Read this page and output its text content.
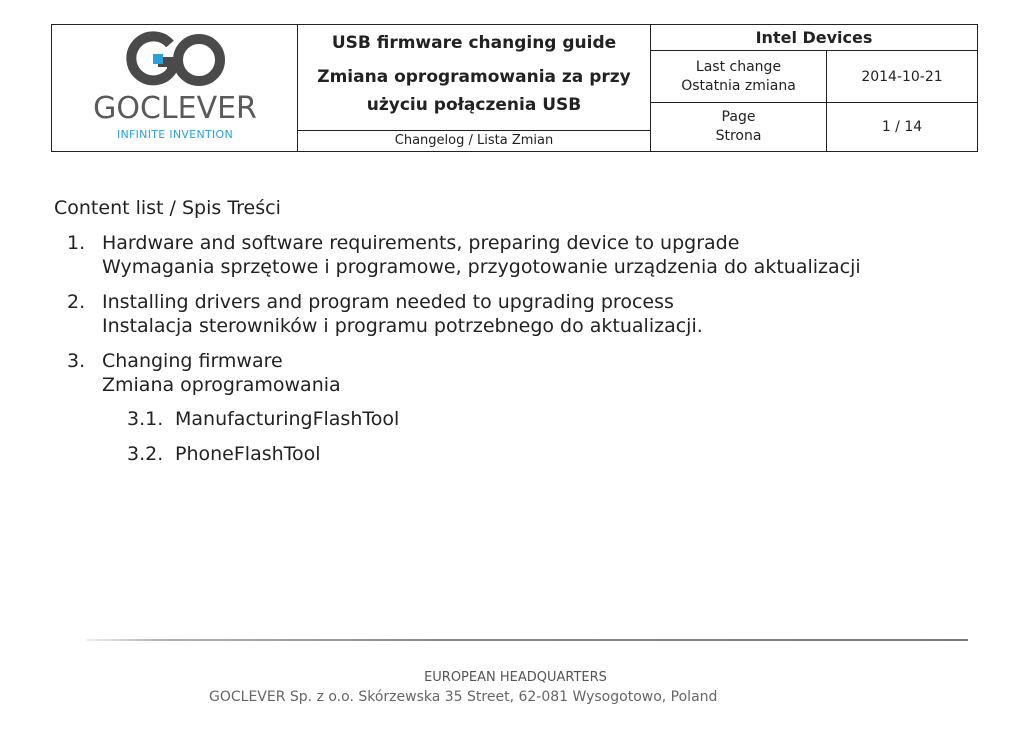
GOCLEVER
INFINITE INVENTION
USB firmware changing guide
Zmiana oprogramowania za przy
użyciu połączenia USB
Changelog / Lista Zmian
Intel Devices
Last change
Ostatnia zmiana
2014-10-21
Page
Strona
1 / 14
Content list / Spis Treści
1. Hardware and software requirements, preparing device to upgrade
Wymagania sprzętowe i programowe, przygotowanie urządzenia do aktualizacji
2. Installing drivers and program needed to upgrading process
Instalacja sterowników i programu potrzebnego do aktualizacji.
3. Changing firmware
Zmiana oprogramowania
3.1. ManufacturingFlashTool
3.2. PhoneFlashTool
EUROPEAN HEADQUARTERS
GOCLEVER Sp. z o.o. Skórzewska 35 Street, 62-081 Wysogotowo, Poland
